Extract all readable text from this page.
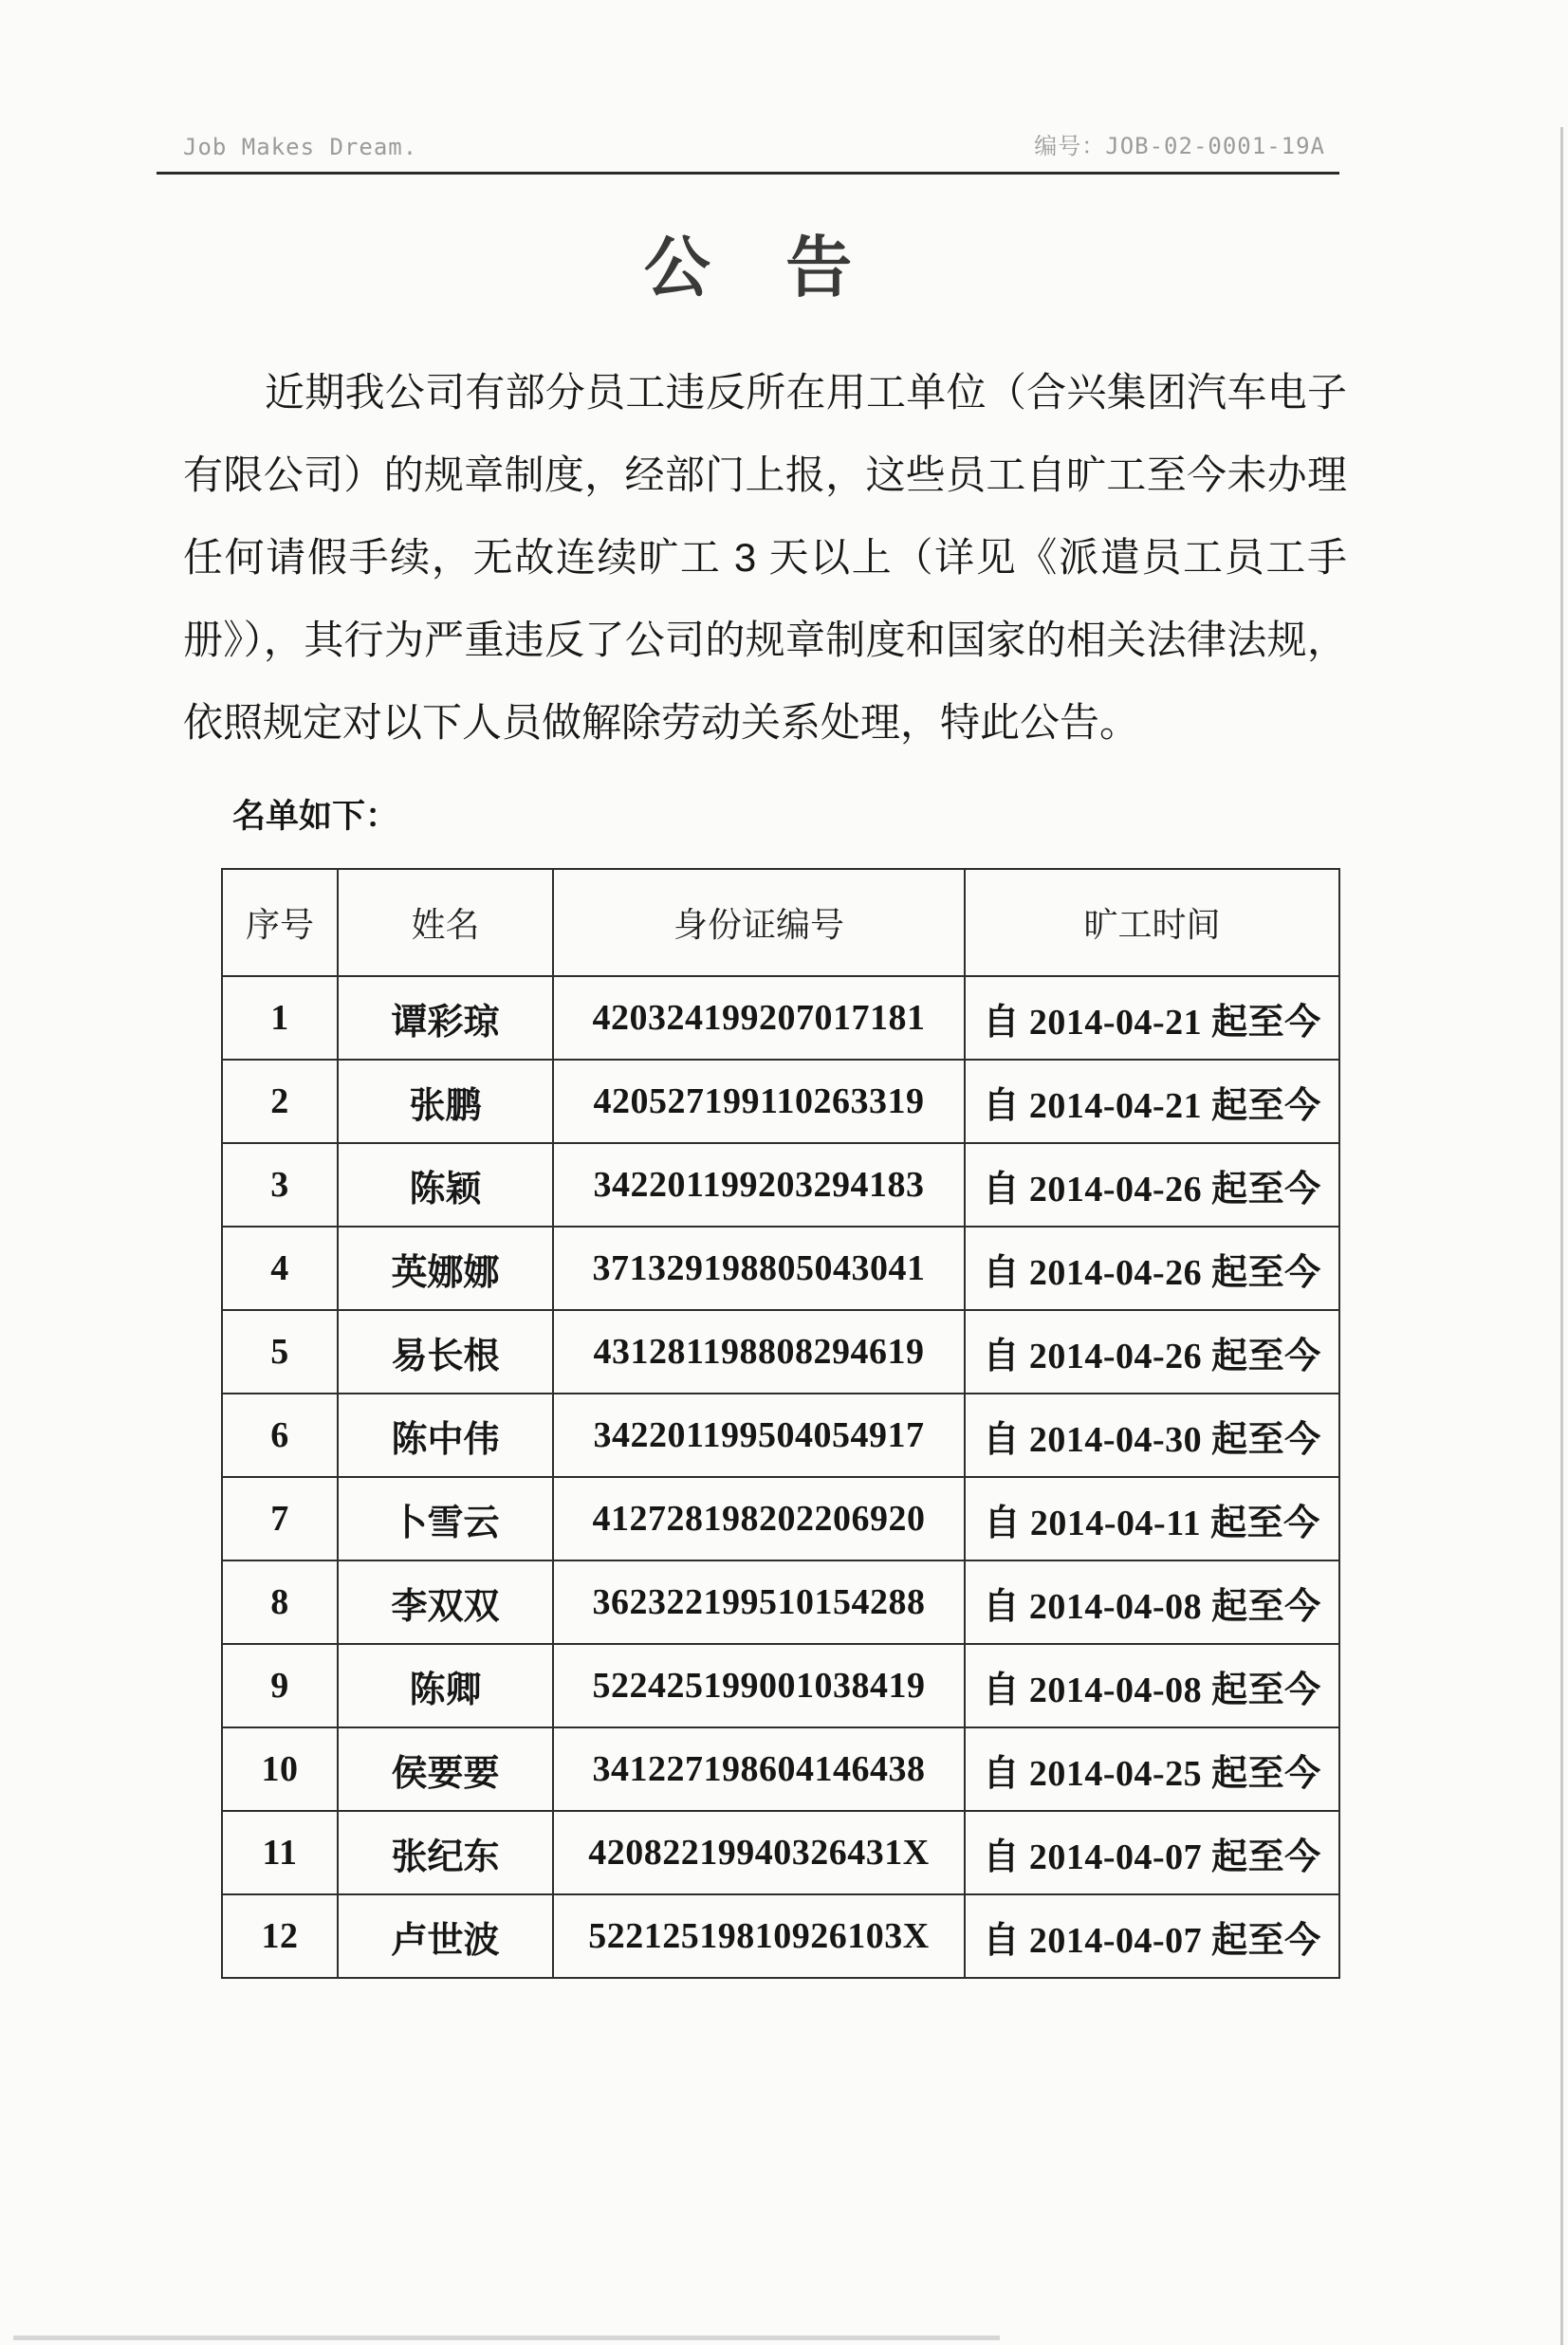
Job Makes Dream.	编号：JOB-02-0001-19A
公 告

近期我公司有部分员工违反所在用工单位（合兴集团汽车电子有限公司）的规章制度，经部门上报，这些员工自旷工至今未办理任何请假手续，无故连续旷工 3 天以上（详见《派遣员工员工手册》），其行为严重违反了公司的规章制度和国家的相关法律法规，依照规定对以下人员做解除劳动关系处理，特此公告。

名单如下：
序号	姓名	身份证编号	旷工时间
1	谭彩琼	420324199207017181	自 2014-04-21 起至今
2	张鹏	420527199110263319	自 2014-04-21 起至今
3	陈颖	342201199203294183	自 2014-04-26 起至今
4	英娜娜	371329198805043041	自 2014-04-26 起至今
5	易长根	431281198808294619	自 2014-04-26 起至今
6	陈中伟	342201199504054917	自 2014-04-30 起至今
7	卜雪云	412728198202206920	自 2014-04-11 起至今
8	李双双	362322199510154288	自 2014-04-08 起至今
9	陈卿	522425199001038419	自 2014-04-08 起至今
10	侯要要	341227198604146438	自 2014-04-25 起至今
11	张纪东	42082219940326431X	自 2014-04-07 起至今
12	卢世波	52212519810926103X	自 2014-04-07 起至今
